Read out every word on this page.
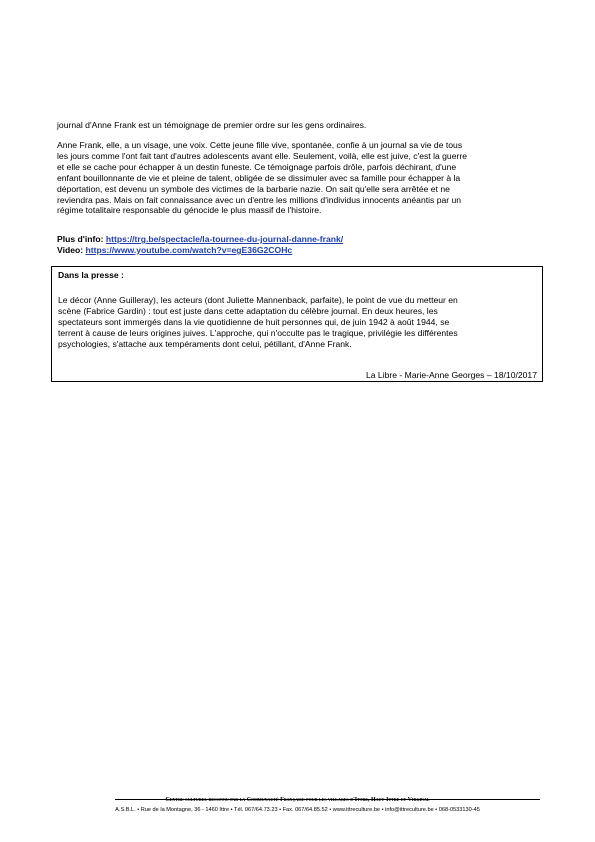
journal d'Anne Frank est un témoignage de premier ordre sur les gens ordinaires.

Anne Frank, elle, a un visage, une voix. Cette jeune fille vive, spontanée, confie à un journal sa vie de tous
les jours comme l'ont fait tant d'autres adolescents avant elle. Seulement, voilà, elle est juive, c'est la guerre
et elle se cache pour échapper à un destin funeste. Ce témoignage parfois drôle, parfois déchirant, d'une
enfant bouillonnante de vie et pleine de talent, obligée de se dissimuler avec sa famille pour échapper à la
déportation, est devenu un symbole des victimes de la barbarie nazie. On sait qu'elle sera arrêtée et ne
reviendra pas. Mais on fait connaissance avec un d'entre les millions d'individus innocents anéantis par un
régime totalitaire responsable du génocide le plus massif de l'histoire.
Plus d'info: https://trg.be/spectacle/la-tournee-du-journal-danne-frank/
Video: https://www.youtube.com/watch?v=egE36G2COHc
Dans la presse :
Le décor (Anne Guilleray), les acteurs (dont Juliette Mannenback, parfaite), le point de vue du metteur en
scène (Fabrice Gardin) : tout est juste dans cette adaptation du célèbre journal. En deux heures, les
spectateurs sont immergés dans la vie quotidienne de huit personnes qui, de juin 1942 à août 1944, se
terrent à cause de leurs origines juives. L'approche, qui n'occulte pas le tragique, privilégie les différentes
psychologies, s'attache aux tempéraments dont celui, pétillant, d'Anne Frank.
La Libre - Marie-Anne Georges – 18/10/2017
Centre culturel reconnu par la Communauté Française pour les villages d'Ittre, Haut-Ittre et Virginal
A.S.B.L. • Rue de la Montagne, 36 - 1460 Ittre • Tél. 067/64.73.23 • Fax. 067/64.85.52 • www.ittreculture.be • info@ittreculture.be • 068-0533130-45
